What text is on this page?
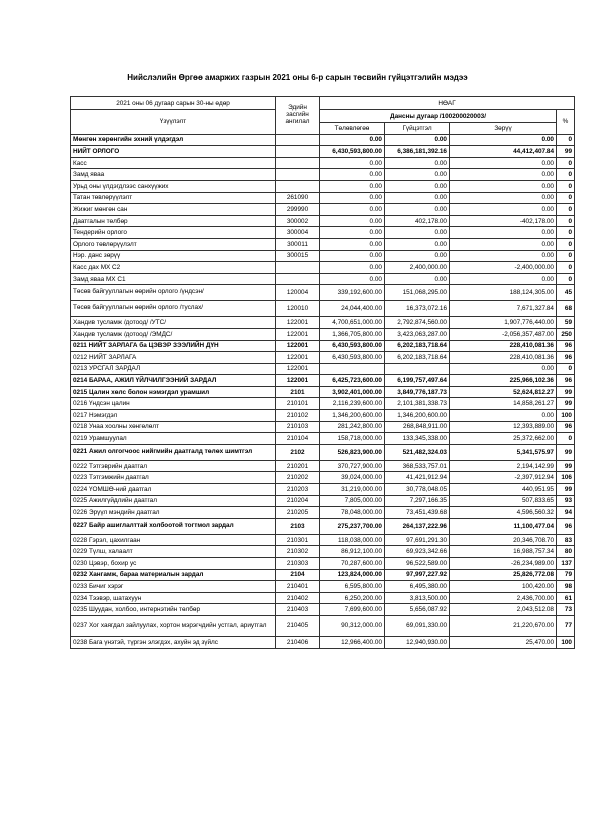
Нийслэлийн Өргөө амаржих газрын 2021 оны 6-р сарын төсвийн гүйцэтгэлийн мэдээ
2021 оны 06 дугаар сарын 30-ны өдөр	Эдийн засгийн ангилал	НӨАГ			
Үзүүлэлт		Дансны дугаар /100200020003/			%
		Төлөвлөгөө	Гүйцэтгэл	Зөрүү	
Мөнгөн хөрөнгийн эхний үлдэгдэл		0.00	0.00	0.00	0
НИЙТ ОРЛОГО		6,430,593,800.00	6,386,181,392.16	44,412,407.84	99
Касс		0.00	0.00	0.00	0
Замд яваа		0.00	0.00	0.00	0
Урьд оны үлдэгдлээс санхүүжих		0.00	0.00	0.00	0
Татан төвлөрүүлэлт	261090	0.00	0.00	0.00	0
Жижиг мөнгөн сан	299990	0.00	0.00	0.00	0
Даатгалын төлбөр	300002	0.00	402,178.00	-402,178.00	0
Тендерийн орлого	300004	0.00	0.00	0.00	0
Орлого төвлөрүүлэлт	300011	0.00	0.00	0.00	0
Нэр. данс зөрүү	300015	0.00	0.00	0.00	0
Касс дах МХ С2		0.00	2,400,000.00	-2,400,000.00	0
Замд яваа МХ С1		0.00	0.00	0.00	0
Төсөв байгууллагын өөрийн орлого /үндсэн/	120004	339,192,600.00	151,068,295.00	188,124,305.00	45
Төсөв байгууллагын өөрийн орлого /туслах/	120010	24,044,400.00	16,373,072.16	7,671,327.84	68
Хандив тусламж /дотоод/ /УТС/	122001	4,700,651,000.00	2,792,874,560.00	1,907,776,440.00	59
Хандив тусламж /дотоод/ /ЭМДС/	122001	1,366,705,800.00	3,423,063,287.00	-2,056,357,487.00	250
0211 НИЙТ ЗАРЛАГА ба ЦЭВЭР ЗЭЭЛИЙН ДҮН	122001	6,430,593,800.00	6,202,183,718.64	228,410,081.36	96
0212 НИЙТ ЗАРЛАГА	122001	6,430,593,800.00	6,202,183,718.64	228,410,081.36	96
0213 УРСГАЛ ЗАРДАЛ	122001			0.00	0
0214 БАРАА, АЖИЛ ҮЙЛЧИЛГЭЭНИЙ ЗАРДАЛ	122001	6,425,723,600.00	6,199,757,497.64	225,966,102.36	96
0215 Цалин хөлс болон нэмэгдэл урамшил	2101	3,902,401,000.00	3,849,776,187.73	52,624,812.27	99
0216 Үндсэн цалин	210101	2,116,239,600.00	2,101,381,338.73	14,858,261.27	99
0217 Нэмэгдэл	210102	1,346,200,600.00	1,346,200,600.00	0.00	100
0218 Унаа хоолны хөнгөлөлт	210103	281,242,800.00	268,848,911.00	12,393,889.00	96
0219 Урамшуулал	210104	158,718,000.00	133,345,338.00	25,372,662.00	0
0221 Ажил олгогчоос нийгмийн даатгалд төлөх шимтгэл	2102	526,823,900.00	521,482,324.03	5,341,575.97	99
0222 Тэтгэврийн даатгал	210201	370,727,900.00	368,533,757.01	2,194,142.99	99
0223 Тэтгэмжийн даатгал	210202	39,024,000.00	41,421,912.94	-2,397,912.94	106
0224 ҮОМШӨ-ний даатгал	210203	31,219,000.00	30,778,048.05	440,951.95	99
0225 Ажилгүйдлийн даатгал	210204	7,805,000.00	7,297,166.35	507,833.65	93
0226 Эрүүл мэндийн даатгал	210205	78,048,000.00	73,451,439.68	4,596,560.32	94
0227 Байр ашиглалттай холбоотой тогтмол зардал	2103	275,237,700.00	264,137,222.96	11,100,477.04	96
0228 Гэрэл, цахилгаан	210301	118,038,000.00	97,691,291.30	20,346,708.70	83
0229 Түлш, халаалт	210302	86,912,100.00	69,923,342.66	16,988,757.34	80
0230 Цэвэр, бохир ус	210303	70,287,600.00	96,522,589.00	-26,234,989.00	137
0232 Хангамж, бараа материалын зардал	2104	123,824,000.00	97,997,227.92	25,826,772.08	79
0233 Бичиг хэрэг	210401	6,595,800.00	6,495,380.00	100,420.00	98
0234 Тээвэр, шатахуун	210402	6,250,200.00	3,813,500.00	2,436,700.00	61
0235 Шуудан, холбоо, интернэтийн төлбөр	210403	7,699,600.00	5,656,087.92	2,043,512.08	73
0237 Хог хаягдал зайлуулах, хортон мэрэгчдийн устгал, ариутгал	210405	90,312,000.00	69,091,330.00	21,220,670.00	77
0238 Бага үнэтэй, түргэн элэгдэх, ахуйн эд зүйлс	210406	12,966,400.00	12,940,930.00	25,470.00	100
